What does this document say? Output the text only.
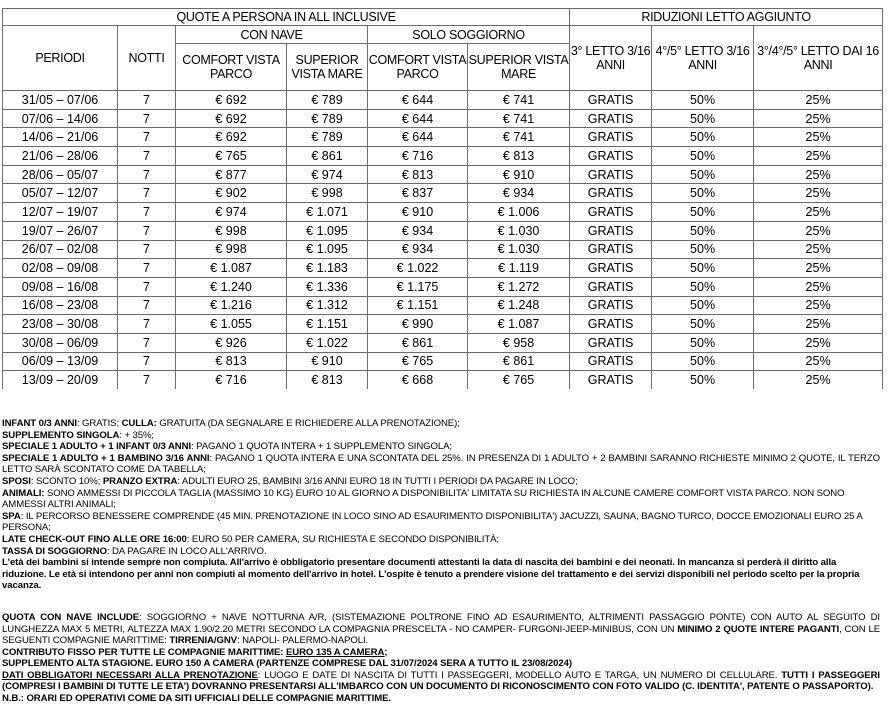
QUOTE A PERSONA IN ALL INCLUSIVE						RIDUZIONI LETTO AGGIUNTO		
PERIODI	NOTTI	CON NAVE		SOLO SOGGIORNO		3° LETTO 3/16 ANNI	4°/5° LETTO 3/16 ANNI	3°/4°/5° LETTO DAI 16 ANNI
		COMFORT VISTA PARCO	SUPERIOR VISTA MARE	COMFORT VISTA PARCO	SUPERIOR VISTA MARE			
31/05 – 07/06	7	€ 692	€ 789	€ 644	€ 741	GRATIS	50%	25%
07/06 – 14/06	7	€ 692	€ 789	€ 644	€ 741	GRATIS	50%	25%
14/06 – 21/06	7	€ 692	€ 789	€ 644	€ 741	GRATIS	50%	25%
21/06 – 28/06	7	€ 765	€ 861	€ 716	€ 813	GRATIS	50%	25%
28/06 – 05/07	7	€ 877	€ 974	€ 813	€ 910	GRATIS	50%	25%
05/07 – 12/07	7	€ 902	€ 998	€ 837	€ 934	GRATIS	50%	25%
12/07 – 19/07	7	€ 974	€ 1.071	€ 910	€ 1.006	GRATIS	50%	25%
19/07 – 26/07	7	€ 998	€ 1.095	€ 934	€ 1.030	GRATIS	50%	25%
26/07 – 02/08	7	€ 998	€ 1.095	€ 934	€ 1.030	GRATIS	50%	25%
02/08 – 09/08	7	€ 1.087	€ 1.183	€ 1.022	€ 1.119	GRATIS	50%	25%
09/08 – 16/08	7	€ 1.240	€ 1.336	€ 1.175	€ 1.272	GRATIS	50%	25%
16/08 – 23/08	7	€ 1.216	€ 1.312	€ 1.151	€ 1.248	GRATIS	50%	25%
23/08 – 30/08	7	€ 1.055	€ 1.151	€ 990	€ 1.087	GRATIS	50%	25%
30/08 – 06/09	7	€ 926	€ 1.022	€ 861	€ 958	GRATIS	50%	25%
06/09 – 13/09	7	€ 813	€ 910	€ 765	€ 861	GRATIS	50%	25%
13/09 – 20/09	7	€ 716	€ 813	€ 668	€ 765	GRATIS	50%	25%

INFANT 0/3 ANNI: GRATIS; CULLA: GRATUITA (DA SEGNALARE E RICHIEDERE ALLA PRENOTAZIONE);

SUPPLEMENTO SINGOLA: + 35%;

SPECIALE 1 ADULTO + 1 INFANT 0/3 ANNI: PAGANO 1 QUOTA INTERA + 1 SUPPLEMENTO SINGOLA;

SPECIALE 1 ADULTO + 1 BAMBINO 3/16 ANNI: PAGANO 1 QUOTA INTERA E UNA SCONTATA DEL 25%. IN PRESENZA DI 1 ADULTO + 2 BAMBINI SARANNO RICHIESTE MINIMO 2 QUOTE, IL TERZO LETTO SARÀ SCONTATO COME DA TABELLA;

SPOSI: SCONTO 10%; PRANZO EXTRA: ADULTI EURO 25, BAMBINI 3/16 ANNI EURO 18 IN TUTTI I PERIODI DA PAGARE IN LOCO;

ANIMALI: SONO AMMESSI DI PICCOLA TAGLIA (MASSIMO 10 KG) EURO 10 AL GIORNO A DISPONIBILITA' LIMITATA SU RICHIESTA IN ALCUNE CAMERE COMFORT VISTA PARCO. NON SONO AMMESSI ALTRI ANIMALI;

SPA: IL PERCORSO BENESSERE COMPRENDE (45 MIN. PRENOTAZIONE IN LOCO SINO AD ESAURIMENTO DISPONIBILITA') JACUZZI, SAUNA, BAGNO TURCO, DOCCE EMOZIONALI EURO 25 A PERSONA;

LATE CHECK-OUT FINO ALLE ORE 16:00: EURO 50 PER CAMERA, SU RICHIESTA E SECONDO DISPONIBILITÀ;

TASSA DI SOGGIORNO: DA PAGARE IN LOCO ALL'ARRIVO.

L'età dei bambini si intende sempre non compiuta. All'arrivo è obbligatorio presentare documenti attestanti la data di nascita dei bambini e dei neonati. In mancanza si perderà il diritto alla riduzione. Le età si intendono per anni non compiuti al momento dell'arrivo in hotel. L'ospite è tenuto a prendere visione del trattamento e dei servizi disponibili nel periodo scelto per la propria vacanza.

QUOTA CON NAVE INCLUDE: SOGGIORNO + NAVE NOTTURNA A/R, (SISTEMAZIONE POLTRONE FINO AD ESAURIMENTO, ALTRIMENTI PASSAGGIO PONTE) CON AUTO AL SEGUITO DI LUNGHEZZA MAX 5 METRI, ALTEZZA MAX 1.90/2.20 METRI SECONDO LA COMPAGNIA PRESCELTA - NO CAMPER- FURGONI-JEEP-MINIBUS, CON UN MINIMO 2 QUOTE INTERE PAGANTI, CON LE SEGUENTI COMPAGNIE MARITTIME: TIRRENIA/GNV: NAPOLI- PALERMO-NAPOLI.

CONTRIBUTO FISSO PER TUTTE LE COMPAGNIE MARITTIME: EURO 135 A CAMERA;

SUPPLEMENTO ALTA STAGIONE. EURO 150 A CAMERA (PARTENZE COMPRESE DAL 31/07/2024 SERA A TUTTO IL 23/08/2024)

DATI OBBLIGATORI NECESSARI ALLA PRENOTAZIONE: LUOGO E DATE DI NASCITA DI TUTTI I PASSEGGERI, MODELLO AUTO E TARGA, UN NUMERO DI CELLULARE. TUTTI I PASSEGGERI (COMPRESI I BAMBINI DI TUTTE LE ETA') DOVRANNO PRESENTARSI ALL'IMBARCO CON UN DOCUMENTO DI RICONOSCIMENTO CON FOTO VALIDO (C. IDENTITA', PATENTE O PASSAPORTO).

N.B.: ORARI ED OPERATIVI COME DA SITI UFFICIALI DELLE COMPAGNIE MARITTIME.
